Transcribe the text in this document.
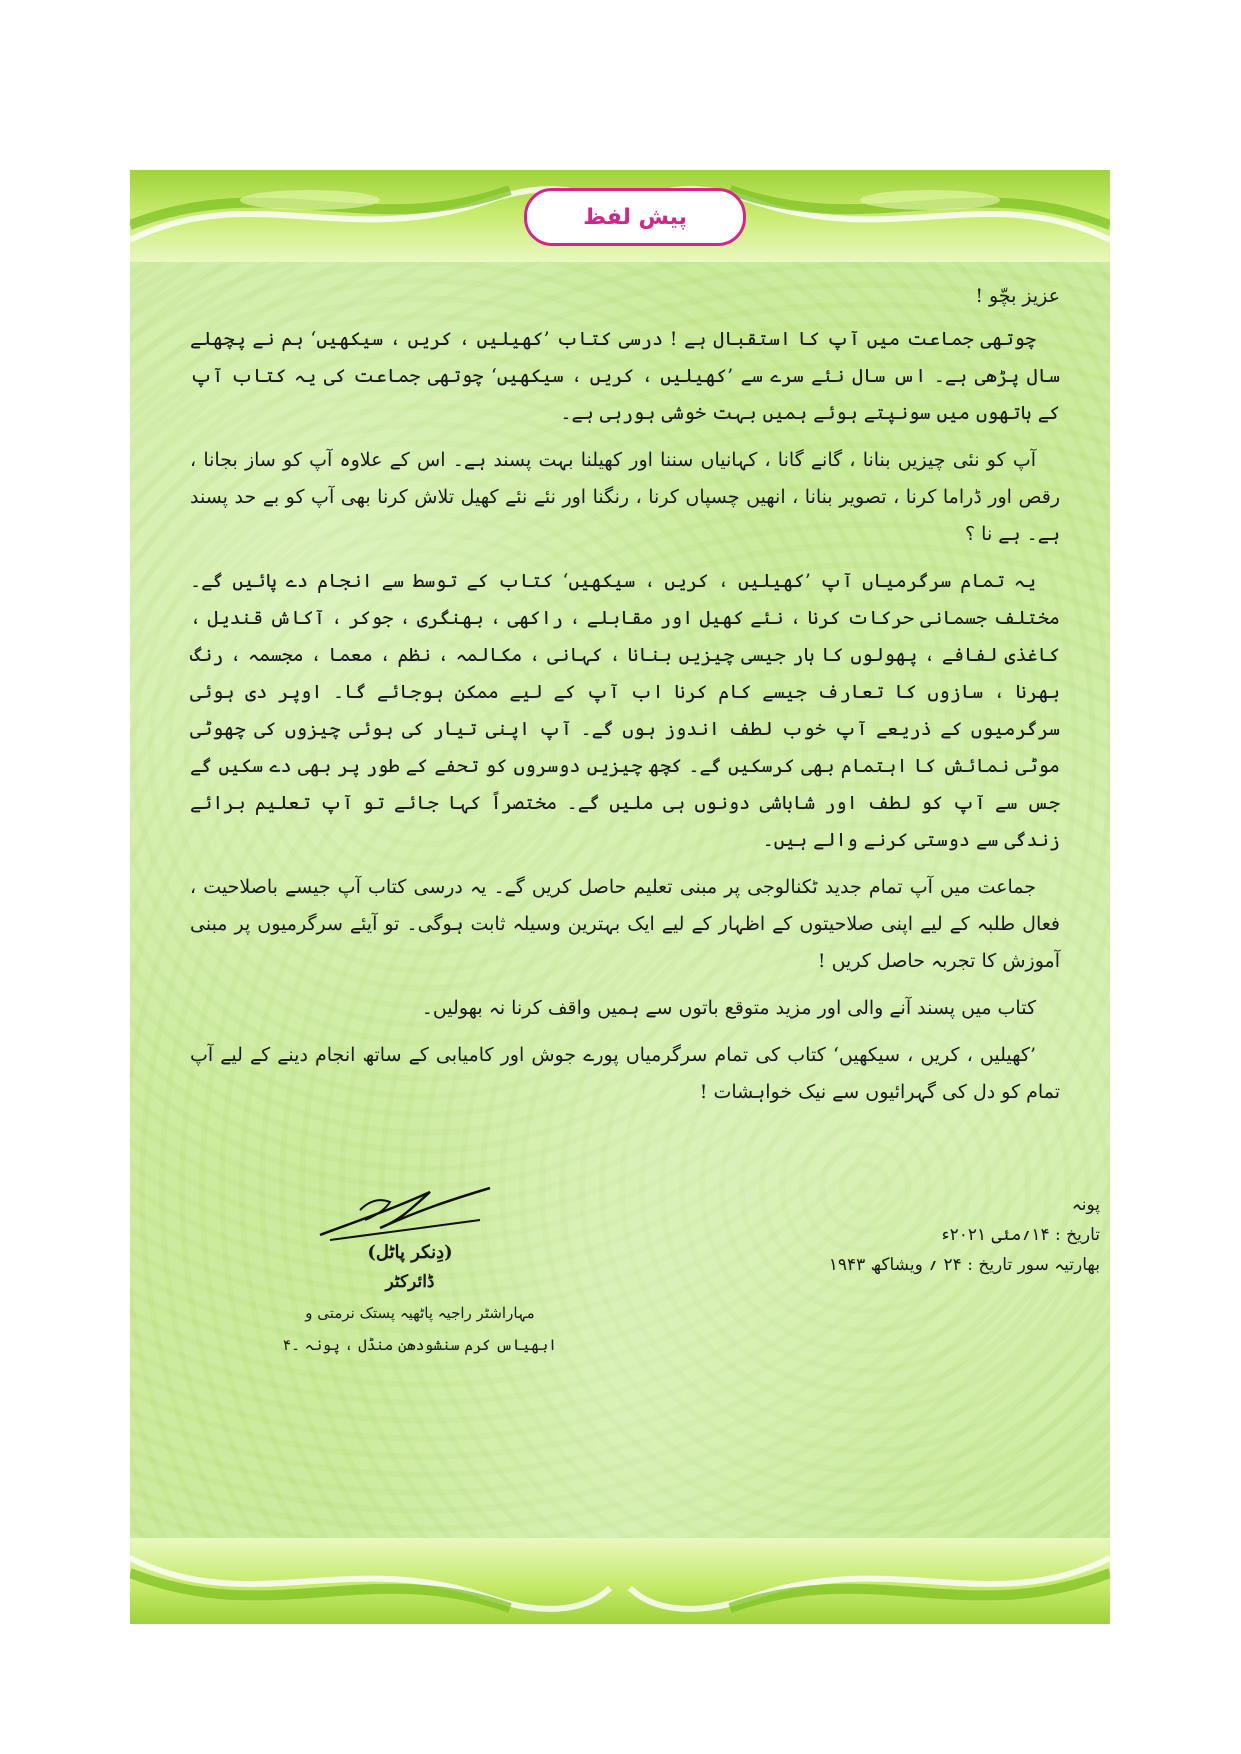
پیش لفظ

عزیز بچّو !

چوتھی جماعت میں آپ کا استقبال ہے ! درسی کتاب ’کھیلیں ، کریں ، سیکھیں‘ ہم نے پچھلے سال پڑھی ہے۔ اس سال نئے سرے سے ’کھیلیں ، کریں ، سیکھیں‘ چوتھی جماعت کی یہ کتاب آپ کے ہاتھوں میں سونپتے ہوئے ہمیں بہت خوشی ہورہی ہے۔

آپ کو نئی چیزیں بنانا ، گانے گانا ، کہانیاں سننا اور کھیلنا بہت پسند ہے۔ اس کے علاوہ آپ کو ساز بجانا ، رقص اور ڈراما کرنا ، تصویر بنانا ، انھیں چسپاں کرنا ، رنگنا اور نئے نئے کھیل تلاش کرنا بھی آپ کو بے حد پسند ہے۔ ہے نا ؟

یہ تمام سرگرمیاں آپ ’کھیلیں ، کریں ، سیکھیں‘ کتاب کے توسط سے انجام دے پائیں گے۔ مختلف جسمانی حرکات کرنا ، نئے کھیل اور مقابلے ، راکھی ، بھنگری ، جوکر ، آکاش قندیل ، کاغذی لفافے ، پھولوں کا ہار جیسی چیزیں بنانا ، کہانی ، مکالمہ ، نظم ، معما ، مجسمہ ، رنگ بھرنا ، سازوں کا تعارف جیسے کام کرنا اب آپ کے لیے ممکن ہوجائے گا۔ اوپر دی ہوئی سرگرمیوں کے ذریعے آپ خوب لطف اندوز ہوں گے۔ آپ اپنی تیار کی ہوئی چیزوں کی چھوٹی موٹی نمائش کا اہتمام بھی کرسکیں گے۔ کچھ چیزیں دوسروں کو تحفے کے طور پر بھی دے سکیں گے جس سے آپ کو لطف اور شاباشی دونوں ہی ملیں گے۔ مختصراً کہا جائے تو آپ تعلیم برائے زندگی سے دوستی کرنے والے ہیں۔

جماعت میں آپ تمام جدید ٹکنالوجی پر مبنی تعلیم حاصل کریں گے۔ یہ درسی کتاب آپ جیسے باصلاحیت ، فعال طلبہ کے لیے اپنی صلاحیتوں کے اظہار کے لیے ایک بہترین وسیلہ ثابت ہوگی۔ تو آیئے سرگرمیوں پر مبنی آموزش کا تجربہ حاصل کریں !

کتاب میں پسند آنے والی اور مزید متوقع باتوں سے ہمیں واقف کرنا نہ بھولیں۔

’کھیلیں ، کریں ، سیکھیں‘ کتاب کی تمام سرگرمیاں پورے جوش اور کامیابی کے ساتھ انجام دینے کے لیے آپ تمام کو دل کی گہرائیوں سے نیک خواہشات !

(دِنکر پاٹل)
ڈائرکٹر
مہاراشٹر راجیہ پاٹھیہ پستک نرمتی و
ابھیاس کرم سنشودھن منڈل ، پونہ ۔۴
پونہ
تاریخ : ۱۴؍مئی ۲۰۲۱ء
بھارتیہ سور تاریخ : ۲۴ ؍ ویشاکھ ۱۹۴۳
